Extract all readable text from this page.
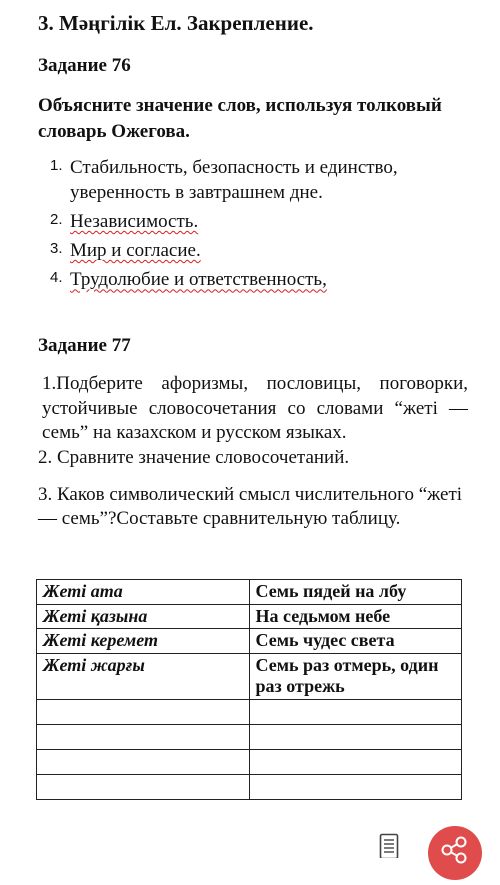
3. Мәңгілік Ел. Закрепление.
Задание 76
Объясните значение слов, используя толковый словарь Ожегова.
1. Стабильность, безопасность и единство, уверенность в завтрашнем дне.
2. Независимость.
3. Мир и согласие.
4. Трудолюбие и ответственность,
Задание 77

1.Подберите афоризмы, пословицы, поговорки, устойчивые словосочетания со словами “жеті — семь” на казахском и русском языках.

2. Сравните значение словосочетаний.

3. Каков символический смысл числительного “жеті — семь”?Составьте сравнительную таблицу.

Жеті ата	Семь пядей на лбу
Жеті қазына	На седьмом небе
Жеті керемет	Семь чудес света
Жеті жарғы	Семь раз отмерь, один раз отрежь
